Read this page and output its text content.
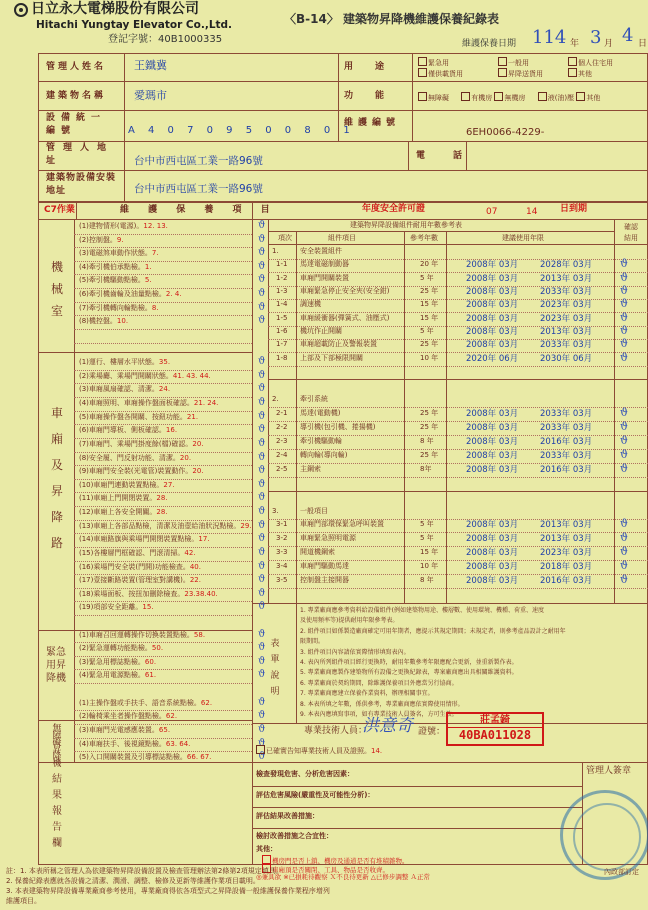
日立永大電梯股份有限公司
Hitachi Yungtay Elevator Co.,Ltd.
登記字號：40B1000335
〈B-14〉 建築物昇降機維護保養紀錄表
維護保養日期 114 年 3 月 4 日
管理人姓名	王鐵冀	用途	緊急用	一般用	個人住宅用
僅供載貨用	昇降送貨用	其他
建築物名稱	愛瑪市	功能	無障礙	有機房 無機房	液(油)壓 其他
設備統一編號	A 4 0 7 0 9 5 0 0 8 0 1
維護編號
6EH0066-4229-
管理人地址	台中市西屯區工業一路96號	電話
建築物設備安裝地址	台中市西屯區工業一路96號
C7作業	維 護 保 養 項 目	年度安全許可證	07	14	日到期
建築物昇降設備組件耐用年數參考表	確認
結用
項次	組件項目	參考年數	建議使用年限
機械室
車廂及昇降路
緊急用昇降機
無障礙昇降機
結果報告欄
(1)建物情形(電源)。12. 13.	ϑ
(2)控制盤。9.	ϑ
(3)電磁煞車動作狀態。7.	ϑ
(4)牽引機伯承點檢。1.	ϑ
(5)牽引機驅動點檢。5.	ϑ
(6)牽引機齒輪及油量點檢。2. 4.	ϑ
(7)牽引機轉向輪點檢。8.	ϑ
(8)機控盤。10.	ϑ
(1)運行、樓層水平狀態。35.	ϑ
(2)乘場廳、乘場門開關狀態。41. 43. 44.	ϑ
(3)車廂風扇確認、清潔。24.	ϑ
(4)車廂照明、車廂操作盤面板確認。21. 24.	ϑ
(5)車廂操作盤各開關、按鈕功能。21.	ϑ
(6)車廂門導板、側板確認。16.	ϑ
(7)車廂門、乘場門掛度餘(檔)確認。20.	ϑ
(8)安全履、門反射功能、清潔。20.	ϑ
(9)車廂門安全裝(光電管)裝置動作。20.	ϑ
(10)車廂門連動裝置點檢。27.	ϑ
(11)車廂上門開閉裝置。28.	ϑ
(12)車廂上各安全開關。28.	ϑ
(13)車廂上各部品點檢，清潔及油壺給油狀況點檢。29. ϑ
(14)車廂路旗與乘場門開閉裝置點檢。17.	ϑ
(15)各樓層門框確認、門滾清掃。42.	ϑ
(16)乘場門安全裝(門開)功能檢查。40.	ϑ
(17)壹接斷路裝置(管理室對講機)。22.	ϑ
(18)乘場面板、按扭加刪除檢查。23.38.40.	ϑ
(19)項部安全距離。15.	ϑ
(1)車廂召回運轉操作切換裝置點檢。58.	ϑ
(2)緊急運轉功能點檢。50.	ϑ
(3)緊急用標誌點檢。60.	ϑ
(4)緊急用電源點檢。61.	ϑ
(1)主操作盤或手扶手、語音系統點檢。62.	ϑ
(2)輪椅乘坐者操作盤點檢。62.	ϑ
(3)車廂門光電感應裝置。65.	ϑ
(4)車廂扶手、後視鏡點檢。63. 64.	ϑ
(5)入口開關裝置及引導標誌點檢。66. 67.	ϑ
1.	安全裝置組件
2.	牽引系統
3.	一般項目
1-1 馬達電磁制動器	20 年	2008年 03月	2028年 03月	ϑ
1-2 車廂門開關裝置	5 年	2008年 03月	2013年 03月	ϑ
1-3 車廂緊急停止安全夾(安全鉗)	25 年	2008年 03月	2033年 03月	ϑ
1-4 調速機	15 年	2008年 03月	2023年 03月	ϑ
1-5 車廂緩衝器(彈簧式、油壓式)	15 年	2008年 03月	2023年 03月	ϑ
1-6 機坑作止開關	5 年	2008年 03月	2013年 03月	ϑ
1-7 車廂超載防止及警報裝置	25 年	2008年 03月	2033年 03月	ϑ
1-8 上部及下部極限開關	10 年	2020年 06月	2030年 06月	ϑ
2-1 馬達(電動機)	25 年	2008年 03月	2033年 03月	ϑ
2-2 導引機(包引機、捲揚機)	25 年	2008年 03月	2033年 03月	ϑ
2-3 牽引機驅動輪	8 年	2008年 03月	2016年 03月	ϑ
2-4 轉向輪(導向輪)	25 年	2008年 03月	2033年 03月	ϑ
2-5 主鋼索	8年	2008年 03月	2016年 03月	ϑ
3-1 車廂門部環保緊急呼叫裝置	5 年	2008年 03月	2013年 03月	ϑ
3-2 車廂緊急照明電源	5 年	2008年 03月	2013年 03月	ϑ
3-3 開道機鋼索	15 年	2008年 03月	2023年 03月	ϑ
3-4 車廂門驅動馬達	10 年	2008年 03月	2018年 03月	ϑ
3-5 控制盤主接開器	8 年	2008年 03月	2016年 03月	ϑ
表單說明
1. 專業廠商應參考資料給設備組件(例如建築物用途、樓層數、使用環境、機種、荷重、速度
及使用頻率等)提供耐用年限參考表。
2. 組件項目如係製造廠商確定可用年期者，應提示其規定期間；未規定者，則參考產品設計之耐用年
限期間。
3. 組件項目內容請依實際情形填寫表內。
4. 表內所列組件項目經行更換時，耐用年數參考年限應配合更新，並重新製作表。
5. 專業廠商應製作建築物所有設備之更換紀錄表，專案廠商應出具相關維護資料。
6. 專業廠商於契約期間，除維護保養項目外應當另行協商。
7. 專業廠商應建立保養作業資料，辦理相關事宜。
8. 本表所填之年數，係供參考，專業廠商應依實際使用情形。
9. 本表內應填寫事項，如有專業技術人員簽名，方可生效。
專業技術人員：
洪意奇 證號：
莊孟錡
40BA011028
已確實告知專業技術人員及證照。14.
檢查發現危害、分析危害因素：
評估危害風險(嚴重性及可能性分析)：
評估結果改善措施：
檢討改善措施之合宜性：
其他：
機房門是否上鎖、機房及通道是否有堆積雜物。
車廂頂是否關閉、工具、物品是否收齊。
管理人簽章
註：1. 本表所稱之管理人為依建築物昇降設備設置及檢查管理辦法第2條第2項規定填具。
2. 保養紀錄表應就各設備之清潔、潤滑、調整、檢修及更新等維護作業項目載明。
3. 本表建築物昇降設備專業廠商參考使用，專業廠商得依各項型式之昇降設備一般維護保養作業程序增列
維護項目。
內政部訂定
◎兼具欲 ※已損耗待觀察 Ｘ不良待更新 △已修步調整 Ａ正常
